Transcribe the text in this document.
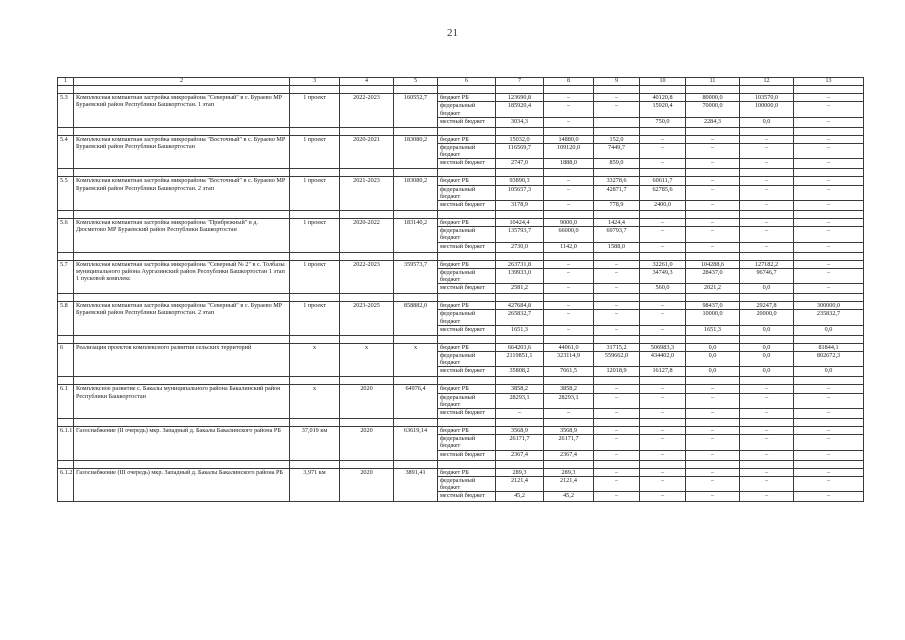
21
1	2	3	4	5	6	7	8	9	10	11	12	13

5.3	Комплексная компактная застройка микрорайона "Северный" в с. Бураево МР Бураевский район Республики Башкортостан. 1 этап	1 проект	2022-2023	160552,7	бюджет РБ	123690,8	–	–	40120,8	80000,0	103570,0	–
					федеральный бюджет	185920,4	–	–	15920,4	70000,0	100000,0	–
					местный бюджет	3034,3	–		750,0	2284,3	0,0	–

5.4	Комплексная компактная застройка микрорайона "Восточный" в с. Бураево МР Бураевский район Республики Башкортостан	1 проект	2020-2021	183080,2	бюджет РБ	15032,0	14880,0	152,0	–	–	–	–
					федеральный бюджет	116569,7	109120,0	7449,7	–	–	–	–
					местный бюджет	2747,0	1888,0	859,0	–	–	–	–

5.5	Комплексная компактная застройка микрорайона "Восточный" в с. Бураево МР Бураевский район Республики Башкортостан. 2 этап	1 проект	2021-2023	183080,2	бюджет РБ	93890,3	–	33278,6	60611,7	–	–	–
					федеральный бюджет	105657,3	–	42871,7	62785,6	–	–	–
					местный бюджет	3178,9	–	778,9	2400,0	–	–	–

5.6	Комплексная компактная застройка микрорайона "Прибрежный" в д. Дюсметово МР Бураевский район Республики Башкортостан	1 проект	2020-2022	183140,2	бюджет РБ	10424,4	9000,0	1424,4	–	–	–	–
					федеральный бюджет	135793,7	66000,0	69793,7	–	–	–	–
					местный бюджет	2730,0	1142,0	1588,0	–	–	–	–

5.7	Комплексная компактная застройка микрорайона "Северный № 2" в с. Толбазы муниципального района Аургазинский район Республики Башкортостан 1 этап 1 пусковой комплекс	1 проект	2022-2023	359573,7	бюджет РБ	263731,8	–	–	32261,0	104288,6	127182,2	–
					федеральный бюджет	139933,0	–	–	34749,3	28437,0	96746,7	–
					местный бюджет	2581,2	–	–	560,0	2021,2	0,0	–

5.8	Комплексная компактная застройка микрорайона "Северный" в с. Бураево МР Бураевский район Республики Башкортостан. 2 этап	1 проект	2023-2025	858882,0	бюджет РБ	427684,8	–	–	–	98437,0	29247,8	300000,0
					федеральный бюджет	265832,7	–	–	–	10000,0	20000,0	235832,7
					местный бюджет	1651,3	–	–	–	1651,3	0,0	0,0

6	Реализация проектов комплексного развития сельских территорий	х	х	х	бюджет РБ	664203,6	44061,0	31715,2	506983,3	0,0	0,0	81844,1
					федеральный бюджет	2119851,1	323114,9	559662,0	434402,0	0,0	0,0	802672,3
					местный бюджет	35808,2	7661,5	12018,9	16127,8	0,0	0,0	0,0

6.1	Комплексное развитие с. Бакалы муниципального района Бакалинский район Республики Башкортостан	х	2020	64976,4	бюджет РБ	3858,2	3858,2	–	–	–	–	–
					федеральный бюджет	28293,1	28293,1	–	–	–	–	–
					местный бюджет	–	–	–	–	–	–	–

6.1.1	Газоснабжение (II очередь) мкр. Западный д. Бакалы Бакалинского района РБ	37,019 км	2020	63619,14	бюджет РБ	3568,9	3568,9	–	–	–	–	–
					федеральный бюджет	26171,7	26171,7	–	–	–	–	–
					местный бюджет	2367,4	2367,4	–	–	–	–	–

6.1.2	Газоснабжение (III очередь) мкр. Западный д. Бакалы Бакалинского района РБ	3,971 км	2020	3891,41	бюджет РБ	289,3	289,3	–	–	–	–	–
					федеральный бюджет	2121,4	2121,4	–	–	–	–	–
					местный бюджет	45,2	45,2	–	–	–	–	–
